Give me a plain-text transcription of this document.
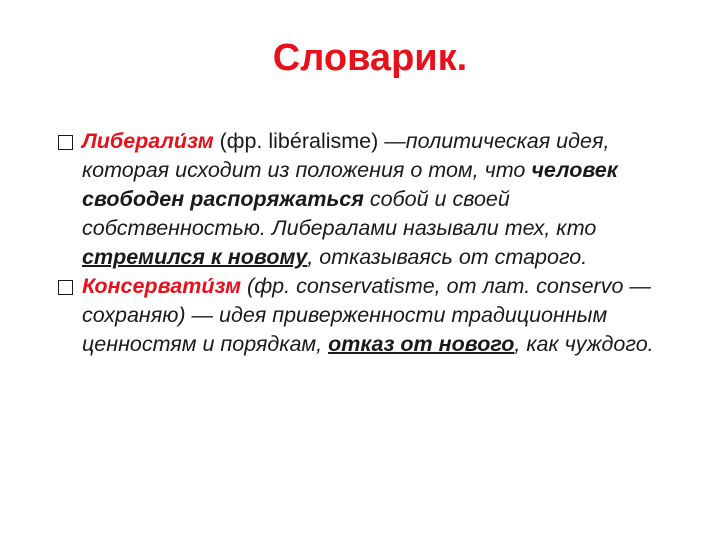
Словарик.

Либерали́зм (фр. libéralisme) —политическая идея, которая исходит из положения о том, что человек свободен распоряжаться собой и своей собственностью. Либералами называли тех, кто стремился к новому, отказываясь от старого.

Консервати́зм (фр. conservatisme, от лат. conservo — сохраняю) — идея приверженности традиционным ценностям и порядкам, отказ от нового, как чуждого.
